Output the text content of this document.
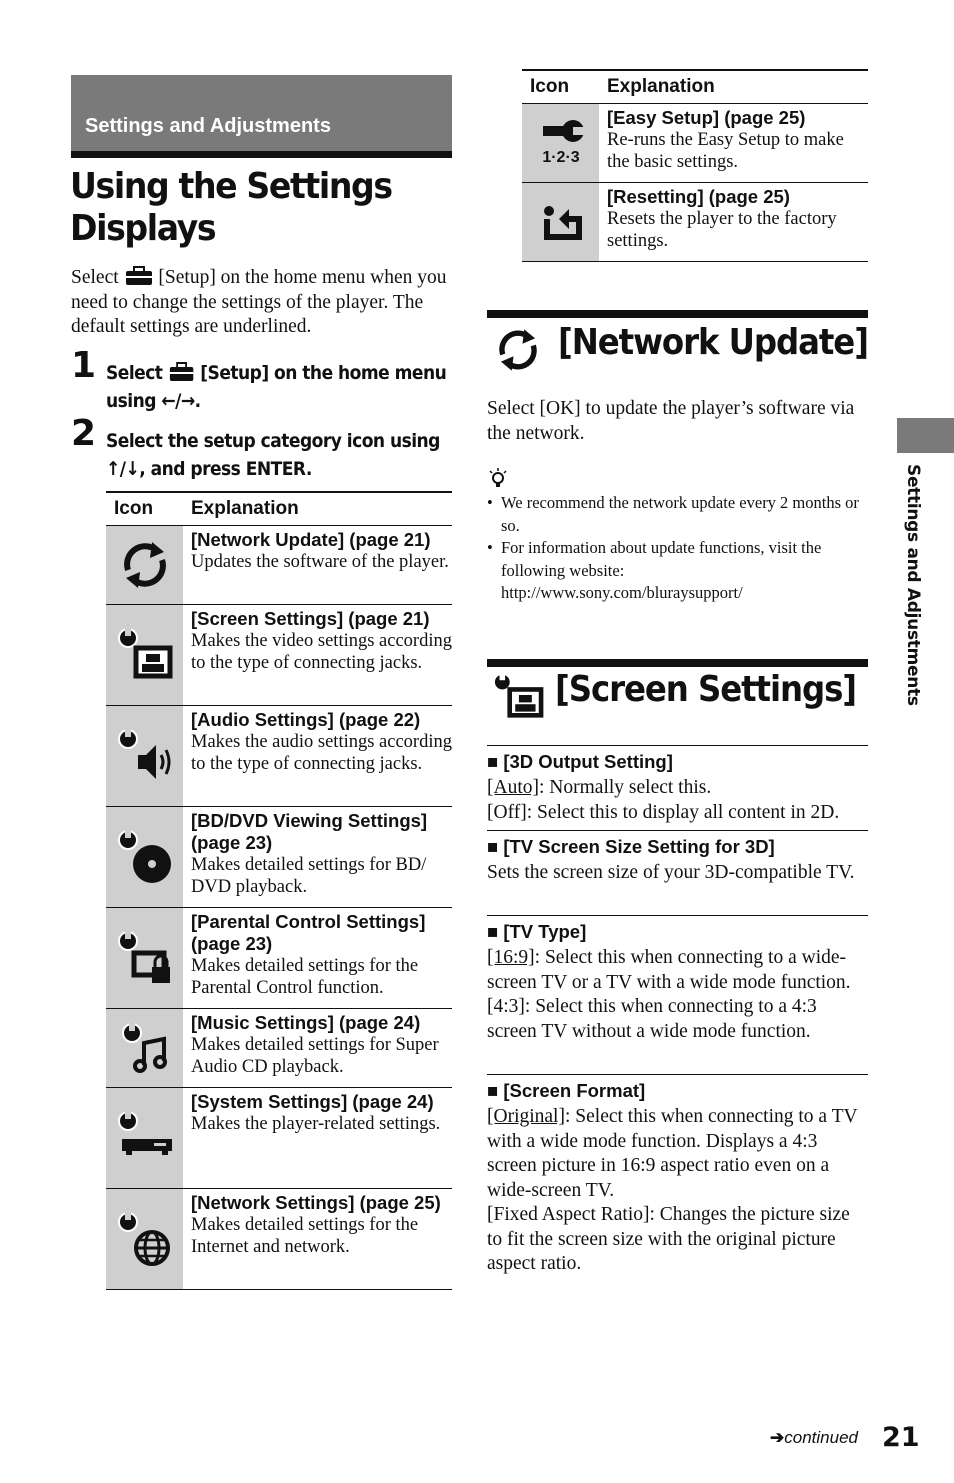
Settings and Adjustments
Using the Settings Displays

Select [Setup] on the home menu when you need to change the settings of the player. The default settings are underlined.

1 Select [Setup] on the home menu using ←/→.
2 Select the setup category icon using ↑/↓, and press ENTER.
Icon	Explanation

[Network Update] (page 21)
Updates the software of the player.

[Screen Settings] (page 21)
Makes the video settings according to the type of connecting jacks.

[Audio Settings] (page 22)
Makes the audio settings according to the type of connecting jacks.

[BD/DVD Viewing Settings] (page 23)
Makes detailed settings for BD/ DVD playback.

[Parental Control Settings] (page 23)
Makes detailed settings for the Parental Control function.

[Music Settings] (page 24)
Makes detailed settings for Super Audio CD playback.

[System Settings] (page 24)
Makes the player-related settings.

[Network Settings] (page 25)
Makes detailed settings for the Internet and network.
Icon	Explanation

1·2·3	[Easy Setup] (page 25)
Re-runs the Easy Setup to make the basic settings.

[Resetting] (page 25)
Resets the player to the factory settings.
[Network Update]

Select [OK] to update the player’s software via the network.

• We recommend the network update every 2 months or so.
• For information about update functions, visit the following website: http://www.sony.com/bluraysupport/
[Screen Settings]
■ [3D Output Setting]
[Auto]: Normally select this.
[Off]: Select this to display all content in 2D.
■ [TV Screen Size Setting for 3D]
Sets the screen size of your 3D-compatible TV.
■ [TV Type]
[16:9]: Select this when connecting to a wide-screen TV or a TV with a wide mode function.
[4:3]: Select this when connecting to a 4:3 screen TV without a wide mode function.
■ [Screen Format]
[Original]: Select this when connecting to a TV with a wide mode function. Displays a 4:3 screen picture in 16:9 aspect ratio even on a wide-screen TV.
[Fixed Aspect Ratio]: Changes the picture size to fit the screen size with the original picture aspect ratio.
Settings and Adjustments
➔continued 21
